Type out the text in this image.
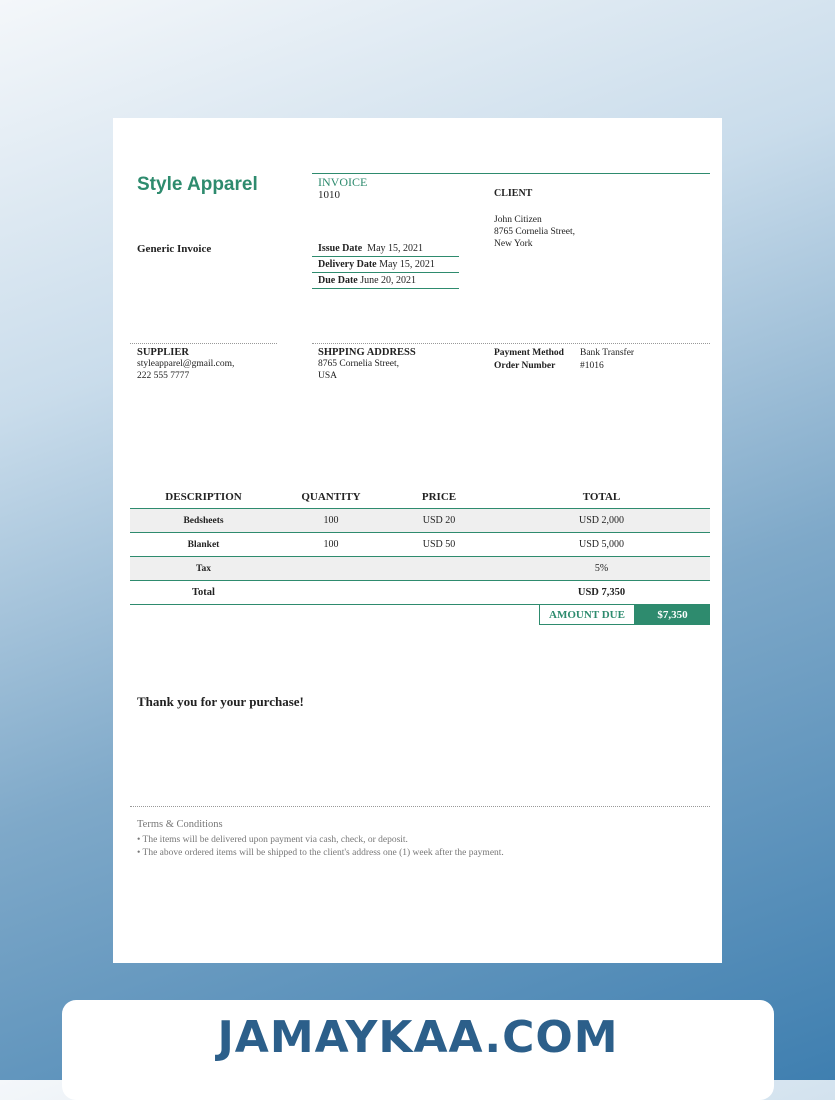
Style Apparel
Generic Invoice
INVOICE
1010
Issue Date May 15, 2021
Delivery Date May 15, 2021
Due Date June 20, 2021
CLIENT
John Citizen
8765 Cornelia Street,
New York
SUPPLIER
styleapparel@gmail.com,
222 555 7777
SHPPING ADDRESS
8765 Cornelia Street,
USA
Payment Method	Bank Transfer
Order Number	#1016
DESCRIPTION	QUANTITY	PRICE	TOTAL
Bedsheets	100	USD 20	USD 2,000
Blanket	100	USD 50	USD 5,000
Tax			5%
Total			USD 7,350
AMOUNT DUE	$7,350
Thank you for your purchase!
Terms & Conditions
• The items will be delivered upon payment via cash, check, or deposit.
• The above ordered items will be shipped to the client's address one (1) week after the payment.
JAMAYKAA.COM
